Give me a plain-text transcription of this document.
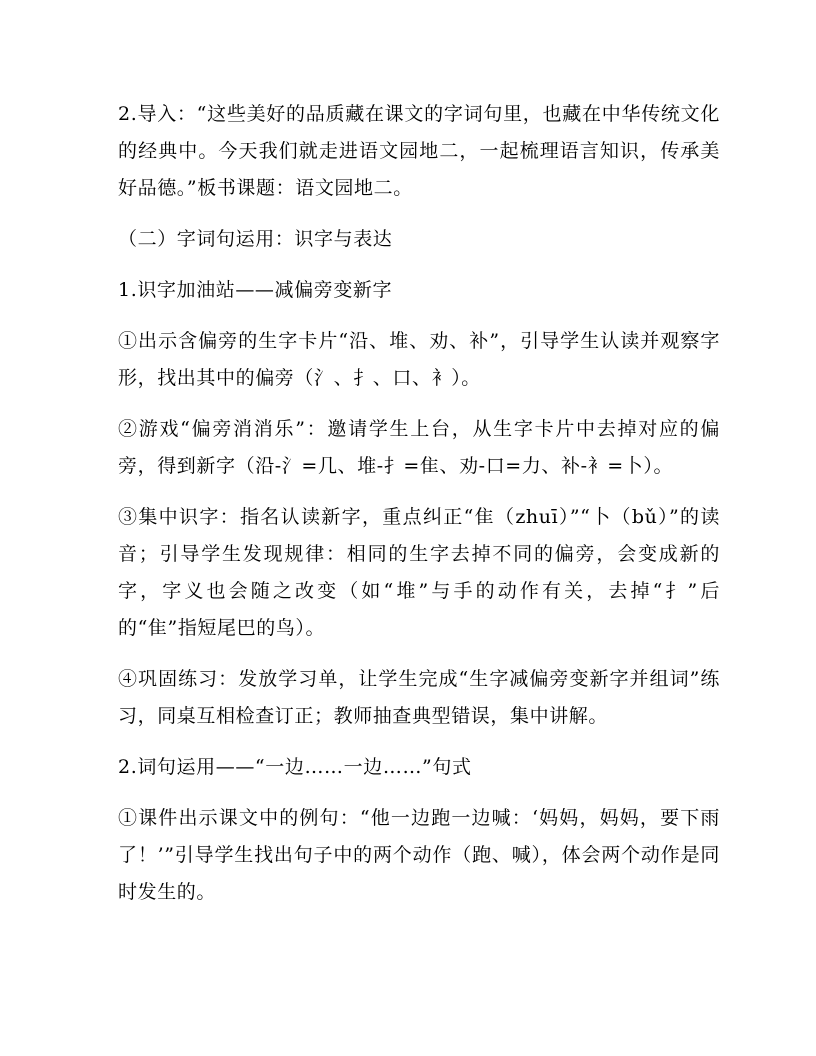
2.导入：“这些美好的品质藏在课文的字词句里，也藏在中华传统文化的经典中。今天我们就走进语文园地二，一起梳理语言知识，传承美好品德。”板书课题：语文园地二。

（二）字词句运用：识字与表达

1.识字加油站——减偏旁变新字

①出示含偏旁的生字卡片“沿、堆、劝、补”，引导学生认读并观察字形，找出其中的偏旁（氵、扌、口、衤）。

②游戏“偏旁消消乐”：邀请学生上台，从生字卡片中去掉对应的偏旁，得到新字（沿-氵=几、堆-扌=隹、劝-口=力、补-衤=卜）。

③集中识字：指名认读新字，重点纠正“隹（zhuī）”“卜（bǔ）”的读音；引导学生发现规律：相同的生字去掉不同的偏旁，会变成新的字，字义也会随之改变（如“堆”与手的动作有关，去掉“扌”后的“隹”指短尾巴的鸟）。

④巩固练习：发放学习单，让学生完成“生字减偏旁变新字并组词”练习，同桌互相检查订正；教师抽查典型错误，集中讲解。

2.词句运用——“一边……一边……”句式

①课件出示课文中的例句：“他一边跑一边喊：‘妈妈，妈妈，要下雨了！’”引导学生找出句子中的两个动作（跑、喊），体会两个动作是同时发生的。
